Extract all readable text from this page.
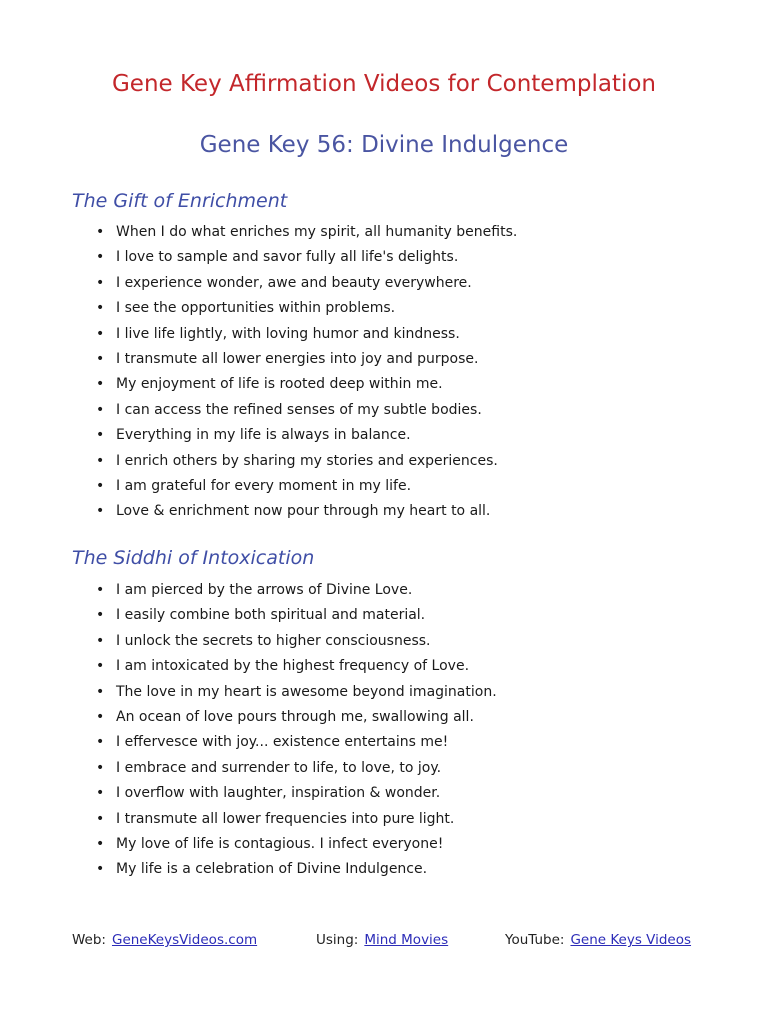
Gene Key Affirmation Videos for Contemplation
Gene Key 56: Divine Indulgence
The Gift of Enrichment
• When I do what enriches my spirit, all humanity benefits.
• I love to sample and savor fully all life's delights.
• I experience wonder, awe and beauty everywhere.
• I see the opportunities within problems.
• I live life lightly, with loving humor and kindness.
• I transmute all lower energies into joy and purpose.
• My enjoyment of life is rooted deep within me.
• I can access the refined senses of my subtle bodies.
• Everything in my life is always in balance.
• I enrich others by sharing my stories and experiences.
• I am grateful for every moment in my life.
• Love & enrichment now pour through my heart to all.
The Siddhi of Intoxication
• I am pierced by the arrows of Divine Love.
• I easily combine both spiritual and material.
• I unlock the secrets to higher consciousness.
• I am intoxicated by the highest frequency of Love.
• The love in my heart is awesome beyond imagination.
• An ocean of love pours through me, swallowing all.
• I effervesce with joy... existence entertains me!
• I embrace and surrender to life, to love, to joy.
• I overflow with laughter, inspiration & wonder.
• I transmute all lower frequencies into pure light.
• My love of life is contagious. I infect everyone!
• My life is a celebration of Divine Indulgence.
Web: GeneKeysVideos.com	Using: Mind Movies	YouTube: Gene Keys Videos
